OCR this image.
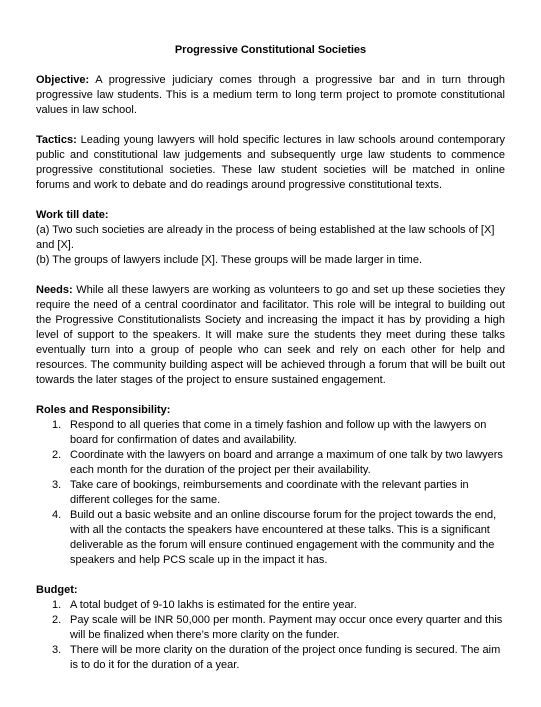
Progressive Constitutional Societies
Objective: A progressive judiciary comes through a progressive bar and in turn through progressive law students. This is a medium term to long term project to promote constitutional values in law school.
Tactics: Leading young lawyers will hold specific lectures in law schools around contemporary public and constitutional law judgements and subsequently urge law students to commence progressive constitutional societies. These law student societies will be matched in online forums and work to debate and do readings around progressive constitutional texts.
Work till date:
(a) Two such societies are already in the process of being established at the law schools of [X] and [X].
(b) The groups of lawyers include [X]. These groups will be made larger in time.
Needs: While all these lawyers are working as volunteers to go and set up these societies they require the need of a central coordinator and facilitator. This role will be integral to building out the Progressive Constitutionalists Society and increasing the impact it has by providing a high level of support to the speakers. It will make sure the students they meet during these talks eventually turn into a group of people who can seek and rely on each other for help and resources. The community building aspect will be achieved through a forum that will be built out towards the later stages of the project to ensure sustained engagement.
Roles and Responsibility:
1. Respond to all queries that come in a timely fashion and follow up with the lawyers on board for confirmation of dates and availability.
2. Coordinate with the lawyers on board and arrange a maximum of one talk by two lawyers each month for the duration of the project per their availability.
3. Take care of bookings, reimbursements and coordinate with the relevant parties in different colleges for the same.
4. Build out a basic website and an online discourse forum for the project towards the end, with all the contacts the speakers have encountered at these talks. This is a significant deliverable as the forum will ensure continued engagement with the community and the speakers and help PCS scale up in the impact it has.
Budget:
1. A total budget of 9-10 lakhs is estimated for the entire year.
2. Pay scale will be INR 50,000 per month. Payment may occur once every quarter and this will be finalized when there’s more clarity on the funder.
3. There will be more clarity on the duration of the project once funding is secured. The aim is to do it for the duration of a year.
